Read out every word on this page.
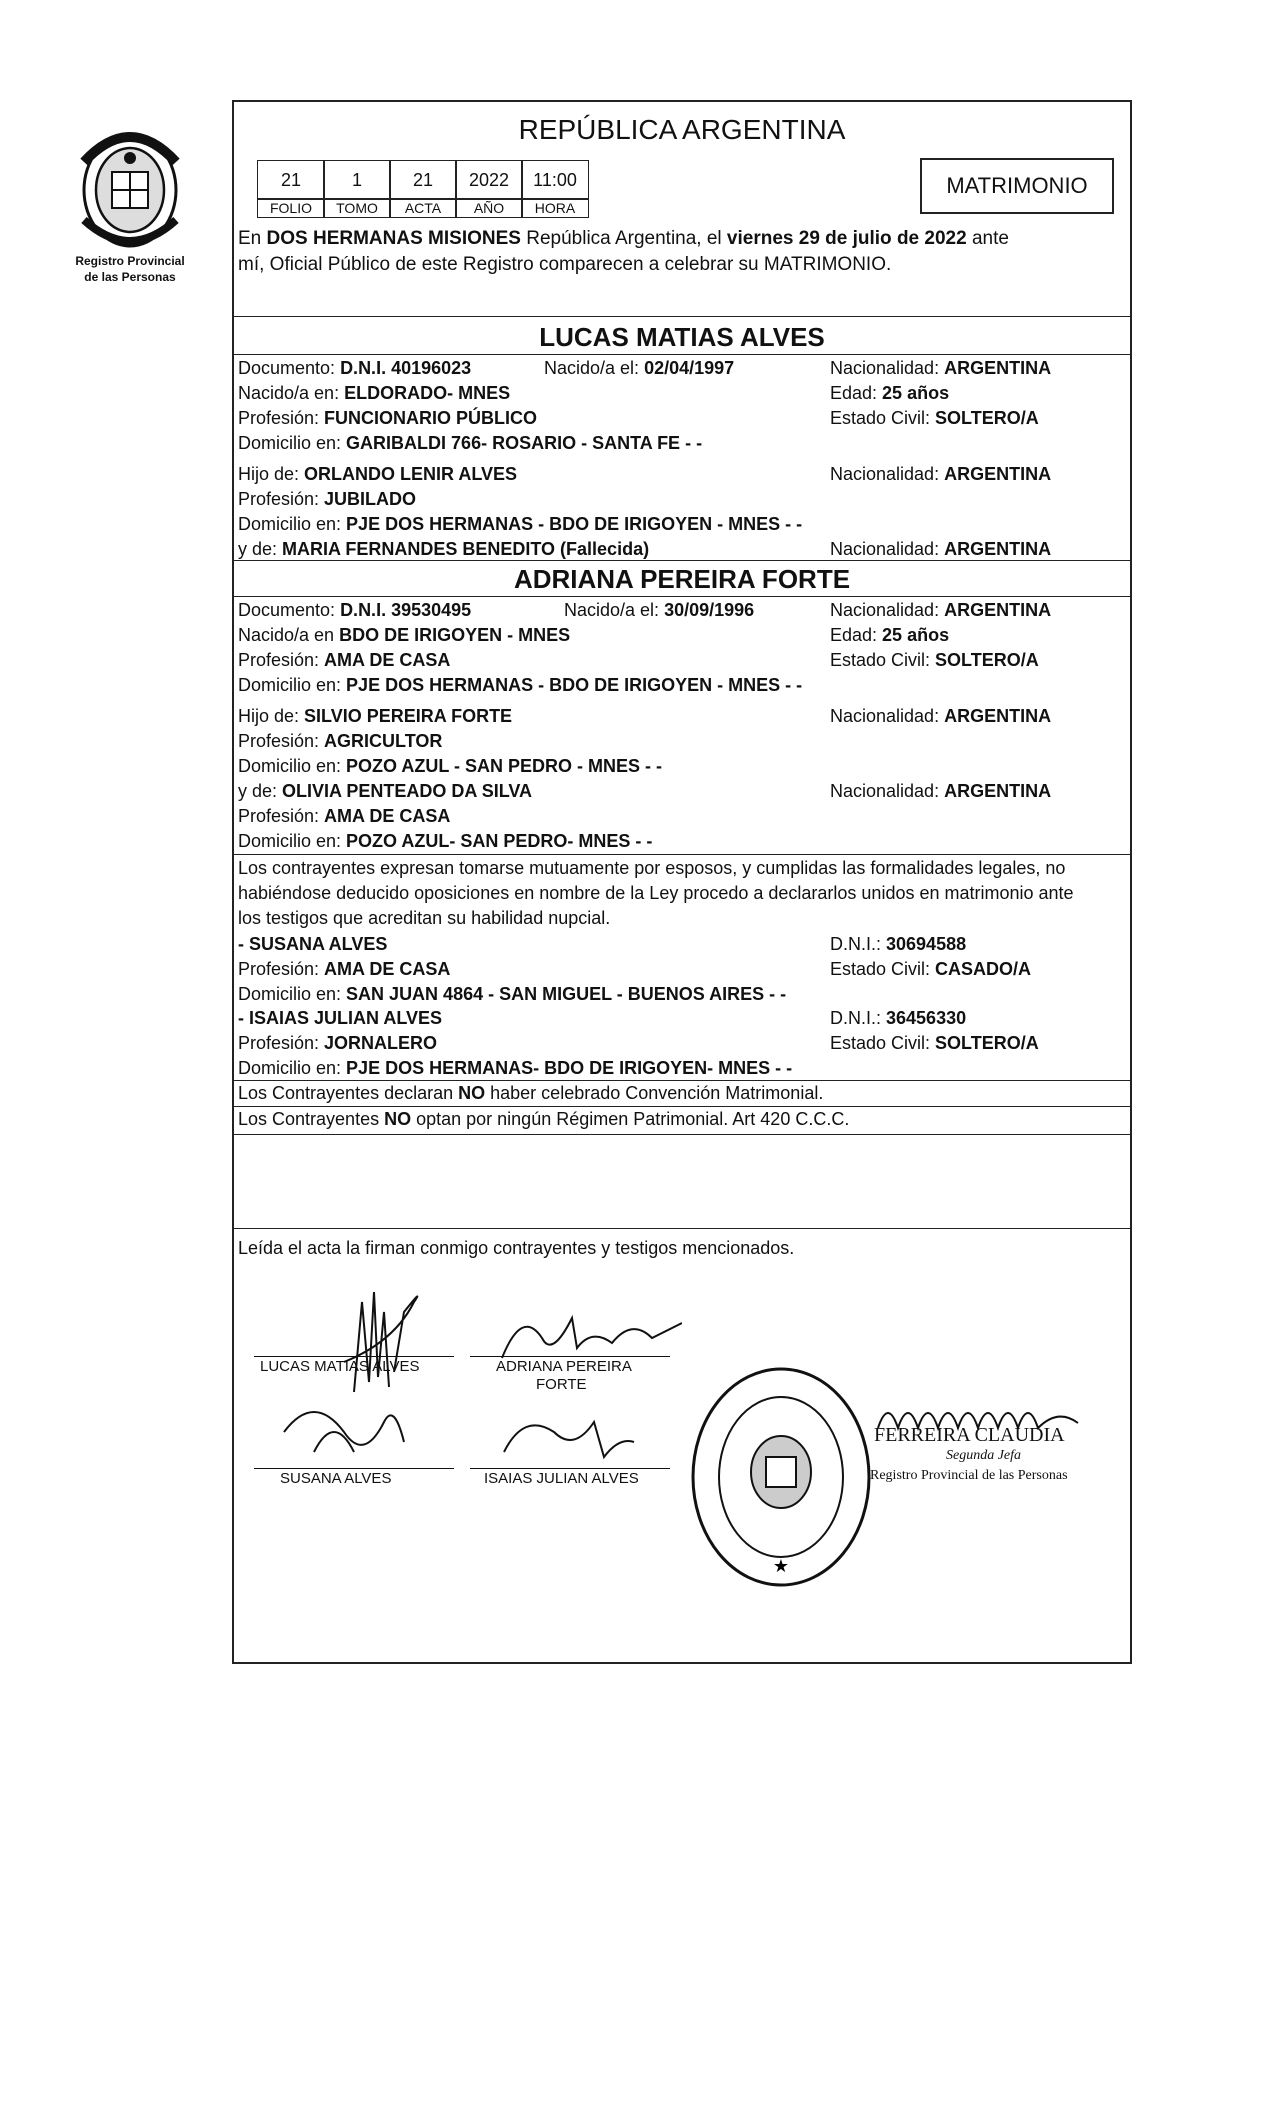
Registro Provincial
de las Personas
REPÚBLICA ARGENTINA
21	1	21	2022	11:00
FOLIO	TOMO	ACTA	AÑO	HORA
MATRIMONIO
En DOS HERMANAS MISIONES República Argentina, el viernes 29 de julio de 2022 ante
mí, Oficial Público de este Registro comparecen a celebrar su MATRIMONIO.
LUCAS MATIAS ALVES
Documento: D.N.I. 40196023	Nacido/a el: 02/04/1997	Nacionalidad: ARGENTINA
Nacido/a en: ELDORADO- MNES	Edad: 25 años
Profesión: FUNCIONARIO PÚBLICO	Estado Civil: SOLTERO/A
Domicilio en: GARIBALDI 766- ROSARIO - SANTA FE - -
Hijo de: ORLANDO LENIR ALVES	Nacionalidad: ARGENTINA
Profesión: JUBILADO
Domicilio en: PJE DOS HERMANAS - BDO DE IRIGOYEN - MNES - -
y de: MARIA FERNANDES BENEDITO (Fallecida)	Nacionalidad: ARGENTINA
ADRIANA PEREIRA FORTE
Documento: D.N.I. 39530495	Nacido/a el: 30/09/1996	Nacionalidad: ARGENTINA
Nacido/a en BDO DE IRIGOYEN - MNES	Edad: 25 años
Profesión: AMA DE CASA	Estado Civil: SOLTERO/A
Domicilio en: PJE DOS HERMANAS - BDO DE IRIGOYEN - MNES - -
Hijo de: SILVIO PEREIRA FORTE	Nacionalidad: ARGENTINA
Profesión: AGRICULTOR
Domicilio en: POZO AZUL - SAN PEDRO - MNES - -
y de: OLIVIA PENTEADO DA SILVA	Nacionalidad: ARGENTINA
Profesión: AMA DE CASA
Domicilio en: POZO AZUL- SAN PEDRO- MNES - -
Los contrayentes expresan tomarse mutuamente por esposos, y cumplidas las formalidades legales, no
habiéndose deducido oposiciones en nombre de la Ley procedo a declararlos unidos en matrimonio ante
los testigos que acreditan su habilidad nupcial.
- SUSANA ALVES	D.N.I.: 30694588
Profesión: AMA DE CASA	Estado Civil: CASADO/A
Domicilio en: SAN JUAN 4864 - SAN MIGUEL - BUENOS AIRES - -
- ISAIAS JULIAN ALVES	D.N.I.: 36456330
Profesión: JORNALERO	Estado Civil: SOLTERO/A
Domicilio en: PJE DOS HERMANAS- BDO DE IRIGOYEN- MNES - -
Los Contrayentes declaran NO haber celebrado Convención Matrimonial.
Los Contrayentes NO optan por ningún Régimen Patrimonial. Art 420 C.C.C.
Leída el acta la firman conmigo contrayentes y testigos mencionados.
LUCAS MATIAS ALVES	ADRIANA PEREIRA
FORTE
SUSANA ALVES	ISAIAS JULIAN ALVES
★
FERREIRA CLAUDIA
Segunda Jefa
Registro Provincial de las Personas
